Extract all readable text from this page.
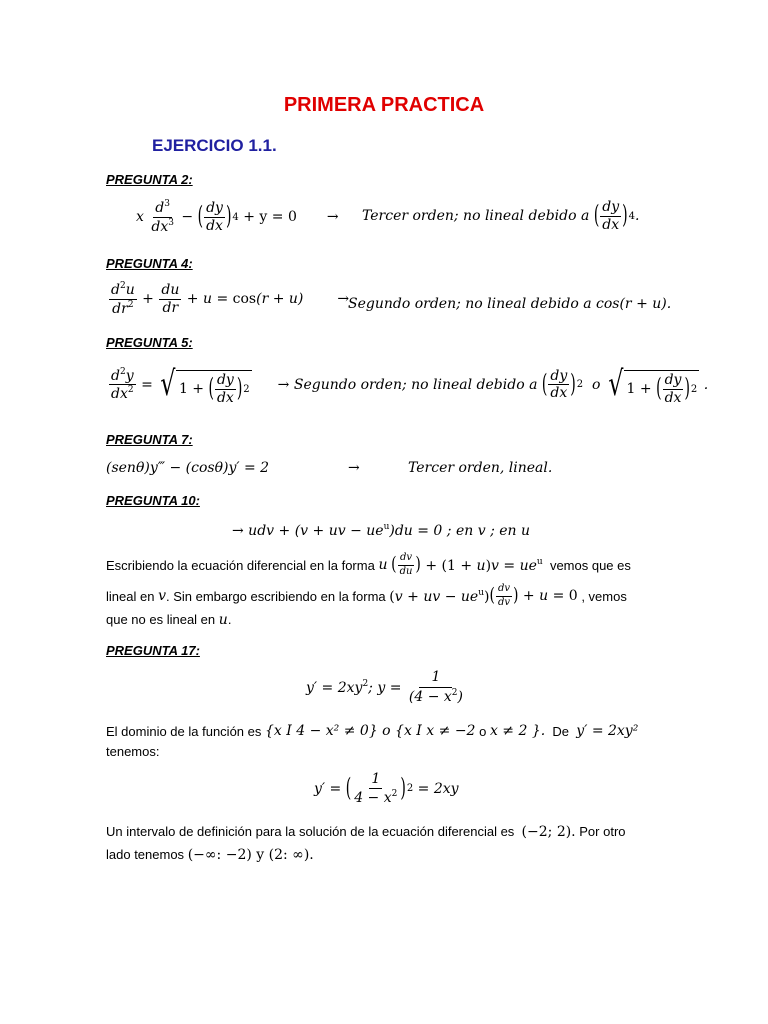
PRIMERA PRACTICA
EJERCICIO 1.1.
PREGUNTA 2:
x $\frac{d^3}{dx^3}$ − ( $\frac{dy}{dx}$ ) 4 + y = 0 → Tercer orden; no lineal debido a
( $\frac{dy}{dx}$ ) 4 .
PREGUNTA 4:
$\frac{d^2u}{dr^2} + \frac{du}{dr} + u = \cos(r + u)$ →
Segundo orden; no lineal debido a cos(r + u).
PREGUNTA 5:
$\frac{d^2y}{dx^2}$ = √ 1 + ( $\frac{dy}{dx}$ ) 2 →
Segundo orden; no lineal debido a
( $\frac{dy}{dx}$ ) 2
o
√ 1 + ( $\frac{dy}{dx}$ ) 2 .
PREGUNTA 7:
(senθ)y‴ − (cosθ)y′ = 2	→	Tercer orden, lineal.
PREGUNTA 10:
→ udv + (v + uv − $ue^u)du = 0$ ; en v ; en u
Escribiendo la ecuación diferencial en la forma
u
( $\frac{dv}{du}$ ) + $(1 + u)v = ue^u$
vemos que es
lineal en
v . Sin embargo escribiendo en la forma
(v + uv − $ue^u$) ( $\frac{dv}{dv}$ ) + u = 0
, vemos
que no es lineal en u.
PREGUNTA 17:
$y' = 2xy^2$; $y = \frac{1}{(4 - x^2)}$
El dominio de la función es
{x I 4 − x² ≠ 0} o {x I x ≠ −2
o
x ≠ 2 }.
De
y′ = 2xy²
tenemos:
y′ = ( $\frac{1}{4 - x^2}$ ) 2 = 2xy
Un intervalo de definición para la solución de la ecuación diferencial es (−2; 2). Por otro
lado tenemos (−∞: −2) y (2: ∞).
